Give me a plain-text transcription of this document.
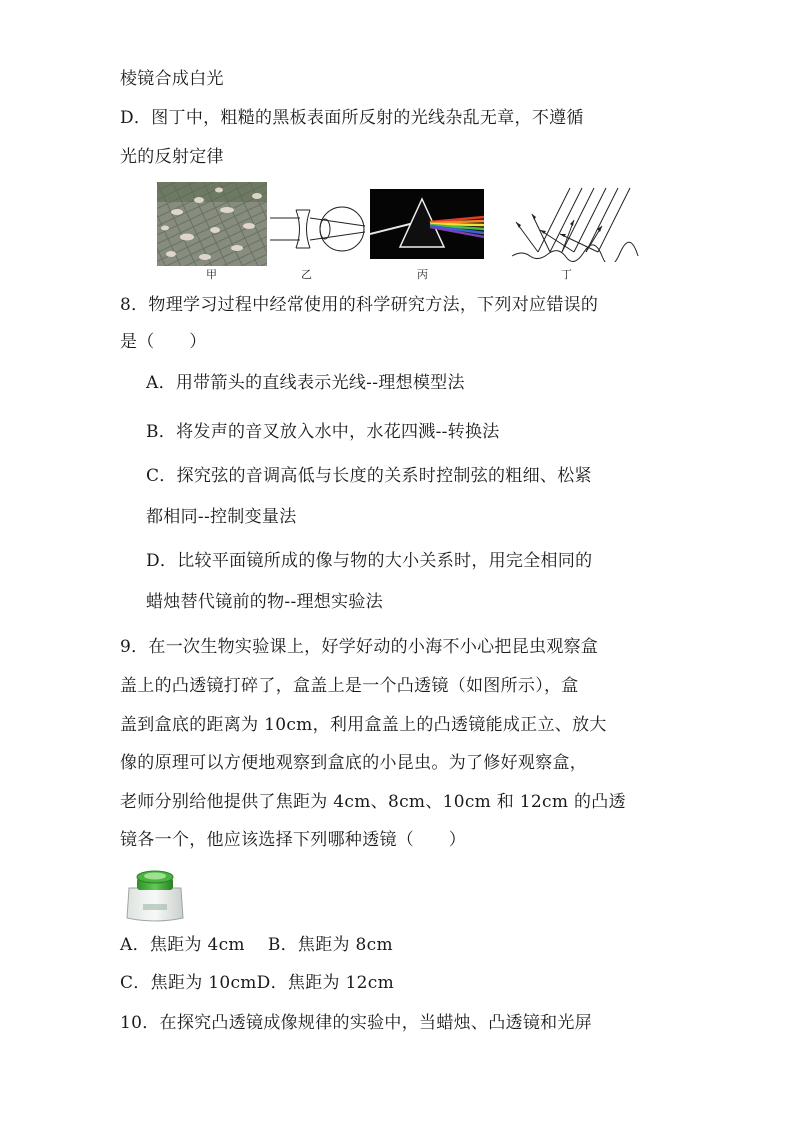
棱镜合成白光
D．图丁中，粗糙的黑板表面所反射的光线杂乱无章，不遵循
光的反射定律
甲	乙	丙	丁
8．物理学习过程中经常使用的科学研究方法，下列对应错误的
是（　　）
A．用带箭头的直线表示光线--理想模型法
B．将发声的音叉放入水中，水花四溅--转换法
C．探究弦的音调高低与长度的关系时控制弦的粗细、松紧
都相同--控制变量法
D．比较平面镜所成的像与物的大小关系时，用完全相同的
蜡烛替代镜前的物--理想实验法
9．在一次生物实验课上，好学好动的小海不小心把昆虫观察盒
盖上的凸透镜打碎了，盒盖上是一个凸透镜（如图所示），盒
盖到盒底的距离为 10cm，利用盒盖上的凸透镜能成正立、放大
像的原理可以方便地观察到盒底的小昆虫。为了修好观察盒，
老师分别给他提供了焦距为 4cm、8cm、10cm 和 12cm 的凸透
镜各一个，他应该选择下列哪种透镜（　　）
A．焦距为 4cm　 B．焦距为 8cm
C．焦距为 10cmD．焦距为 12cm
10．在探究凸透镜成像规律的实验中，当蜡烛、凸透镜和光屏
